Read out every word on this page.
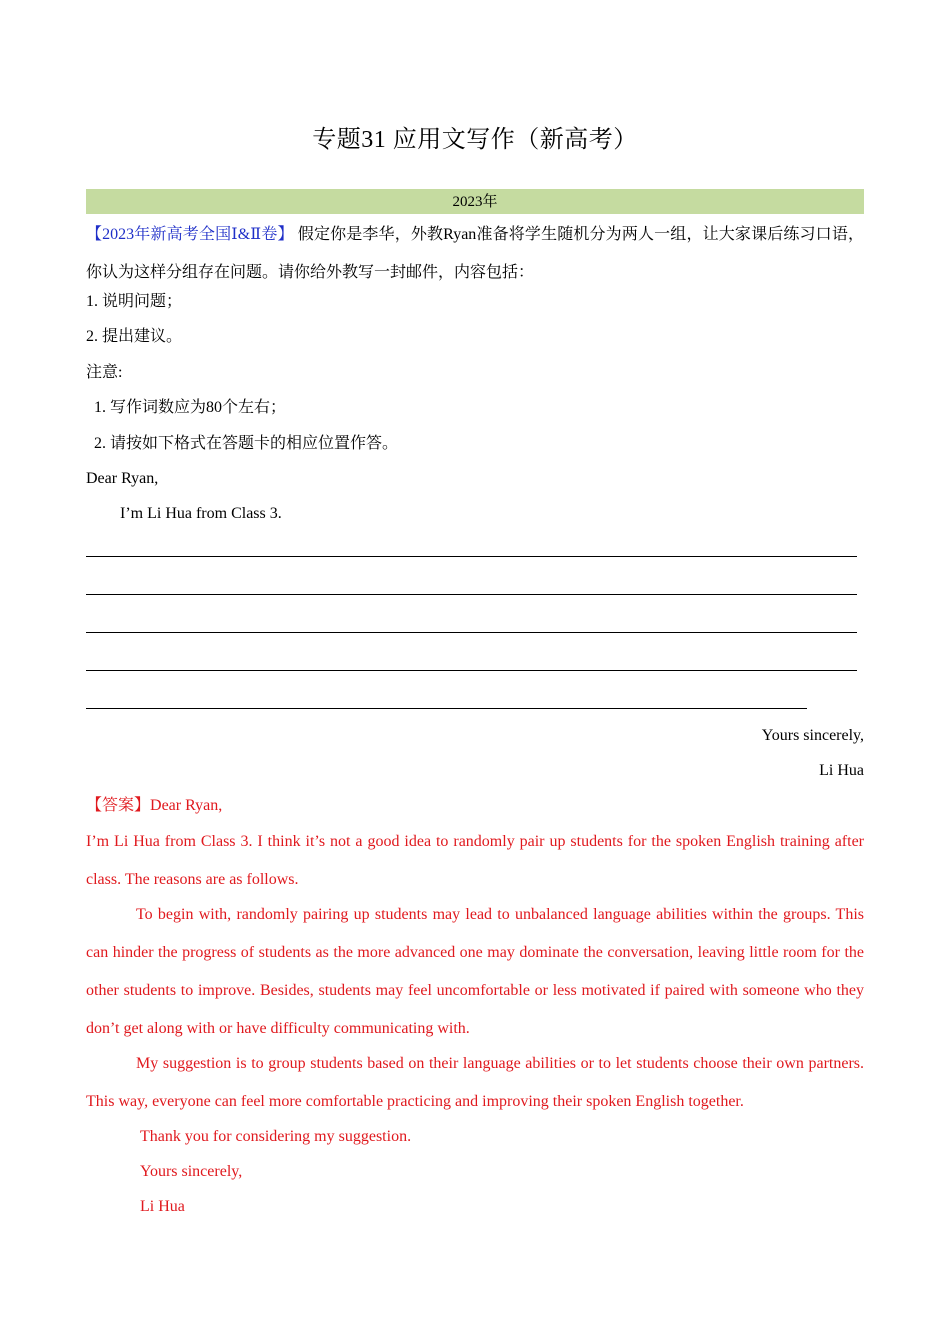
专题31 应用文写作（新高考）
2023年
【2023年新高考全国Ⅰ&Ⅱ卷】 假定你是李华，外教Ryan准备将学生随机分为两人一组，让大家课后练习口语，你认为这样分组存在问题。请你给外教写一封邮件，内容包括：
1. 说明问题；
2. 提出建议。
注意:
1. 写作词数应为80个左右；
2. 请按如下格式在答题卡的相应位置作答。
Dear Ryan,
I’m Li Hua from Class 3.
Yours sincerely,
Li Hua
【答案】Dear Ryan,
I’m Li Hua from Class 3. I think it’s not a good idea to randomly pair up students for the spoken English training after class. The reasons are as follows.
To begin with, randomly pairing up students may lead to unbalanced language abilities within the groups. This can hinder the progress of students as the more advanced one may dominate the conversation, leaving little room for the other students to improve. Besides, students may feel uncomfortable or less motivated if paired with someone who they don’t get along with or have difficulty communicating with.
My suggestion is to group students based on their language abilities or to let students choose their own partners. This way, everyone can feel more comfortable practicing and improving their spoken English together.
Thank you for considering my suggestion.
Yours sincerely,
Li Hua
